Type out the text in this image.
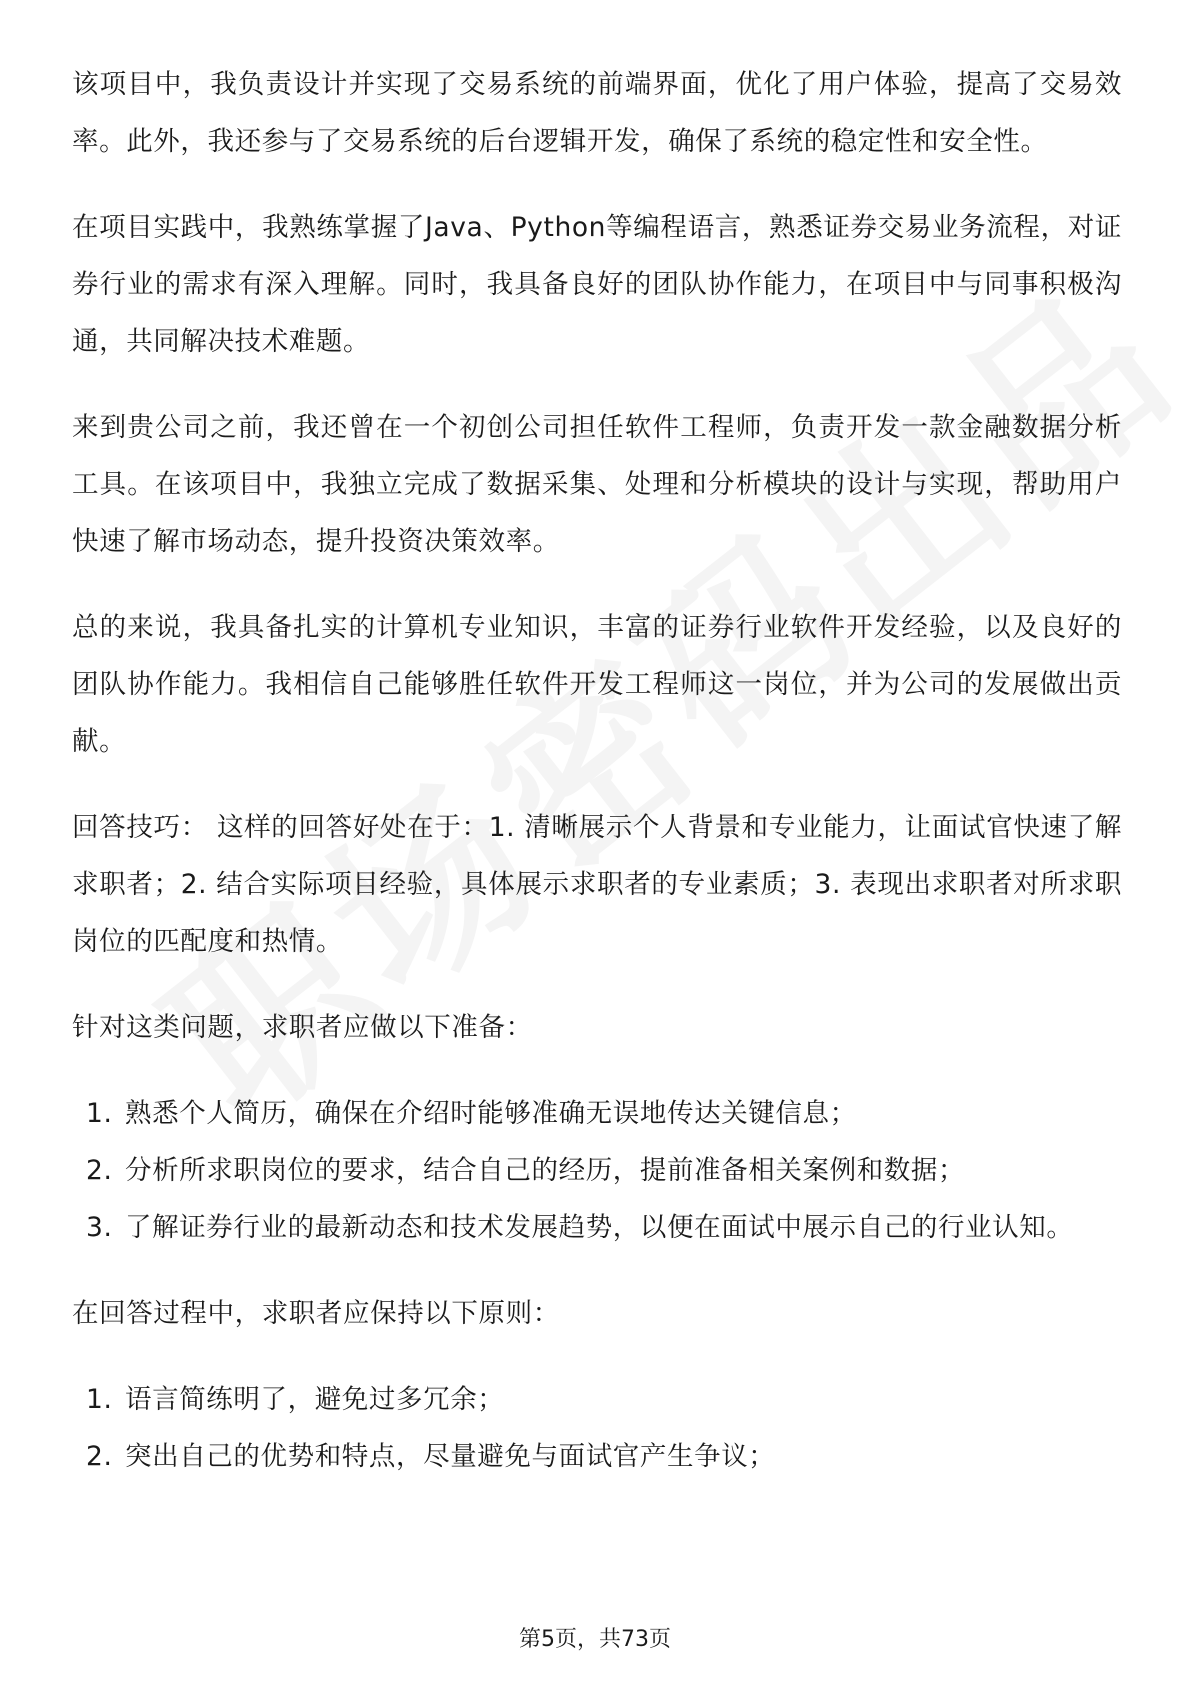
该项目中，我负责设计并实现了交易系统的前端界面，优化了用户体验，提高了交易效率。此外，我还参与了交易系统的后台逻辑开发，确保了系统的稳定性和安全性。

在项目实践中，我熟练掌握了Java、Python等编程语言，熟悉证券交易业务流程，对证券行业的需求有深入理解。同时，我具备良好的团队协作能力，在项目中与同事积极沟通，共同解决技术难题。

来到贵公司之前，我还曾在一个初创公司担任软件工程师，负责开发一款金融数据分析工具。在该项目中，我独立完成了数据采集、处理和分析模块的设计与实现，帮助用户快速了解市场动态，提升投资决策效率。

总的来说，我具备扎实的计算机专业知识，丰富的证券行业软件开发经验，以及良好的团队协作能力。我相信自己能够胜任软件开发工程师这一岗位，并为公司的发展做出贡献。

回答技巧： 这样的回答好处在于：1. 清晰展示个人背景和专业能力，让面试官快速了解求职者；2. 结合实际项目经验，具体展示求职者的专业素质；3. 表现出求职者对所求职岗位的匹配度和热情。

针对这类问题，求职者应做以下准备：

1. 熟悉个人简历，确保在介绍时能够准确无误地传达关键信息；
2. 分析所求职岗位的要求，结合自己的经历，提前准备相关案例和数据；
3. 了解证券行业的最新动态和技术发展趋势，以便在面试中展示自己的行业认知。

在回答过程中，求职者应保持以下原则：

1. 语言简练明了，避免过多冗余；
2. 突出自己的优势和特点，尽量避免与面试官产生争议；
第5页，共73页
